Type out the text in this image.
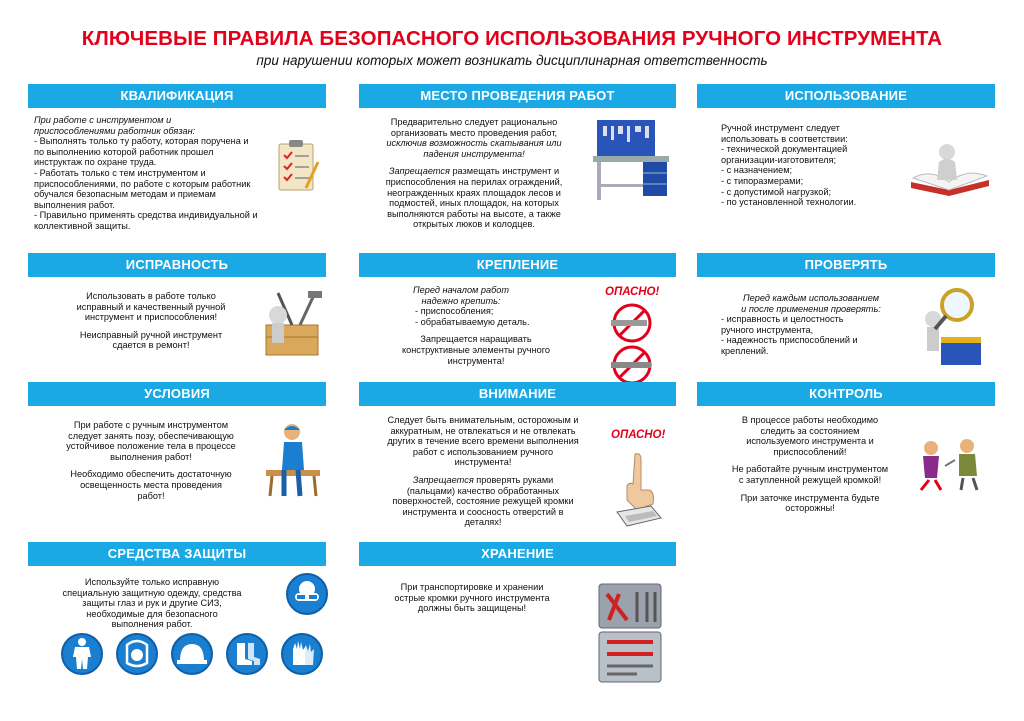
КЛЮЧЕВЫЕ ПРАВИЛА БЕЗОПАСНОГО ИСПОЛЬЗОВАНИЯ РУЧНОГО ИНСТРУМЕНТА
при нарушении которых может возникать дисциплинарная ответственность
КВАЛИФИКАЦИЯ

При работе с инструментом и

приспособлениями работник обязан:

- Выполнять только ту работу, которая поручена и

по выполнению которой работник прошел

инструктаж по охране труда.

- Работать только с тем инструментом и

приспособлениями, по работе с которым работник

обучался безопасным методам и приемам

выполнения работ.

- Правильно применять средства индивидуальной и

коллективной защиты.

МЕСТО ПРОВЕДЕНИЯ РАБОТ

Предварительно следует рационально

организовать место проведения работ,

исключив возможность скатывания или

падения инструмента!

Запрещается размещать инструмент и

приспособления на перилах ограждений,

неогражденных краях площадок лесов и

подмостей, иных площадок, на которых

выполняются работы на высоте, а также

открытых люков и колодцев.

ИСПОЛЬЗОВАНИЕ

Ручной инструмент следует

использовать в соответствии:

- технической документацией

организации-изготовителя;

- с назначением;

- с типоразмерами;

- с допустимой нагрузкой;

- по установленной технологии.

ИСПРАВНОСТЬ

Использовать в работе только

исправный и качественный ручной

инструмент и приспособления!

Неисправный ручной инструмент

сдается в ремонт!

КРЕПЛЕНИЕ

Перед началом работ

надежно крепить:

- приспособления;

- обрабатываемую деталь.

Запрещается наращивать

конструктивные элементы ручного

инструмента!

ОПАСНО!
ПРОВЕРЯТЬ

Перед каждым использованием

и после применения проверять:

- исправность и целостность

ручного инструмента,

- надежность приспособлений и

креплений.

УСЛОВИЯ

При работе с ручным инструментом

следует занять позу, обеспечивающую

устойчивое положение тела в процессе

выполнения работ!

Необходимо обеспечить достаточную

освещенность места проведения

работ!

ВНИМАНИЕ

Следует быть внимательным, осторожным и

аккуратным, не отвлекаться и не отвлекать

других в течение всего времени выполнения

работ с использованием ручного

инструмента!

Запрещается проверять руками

(пальцами) качество обработанных

поверхностей, состояние режущей кромки

инструмента и соосность отверстий в

деталях!

ОПАСНО!
КОНТРОЛЬ

В процессе работы необходимо

следить за состоянием

используемого инструмента и

приспособлений!

Не работайте ручным инструментом

с затупленной режущей кромкой!

При заточке инструмента будьте

осторожны!

СРЕДСТВА ЗАЩИТЫ

Используйте только исправную

специальную защитную одежду, средства

защиты глаз и рук и другие СИЗ,

необходимые для безопасного

выполнения работ.

ХРАНЕНИЕ

При транспортировке и хранении

острые кромки ручного инструмента

должны быть защищены!
